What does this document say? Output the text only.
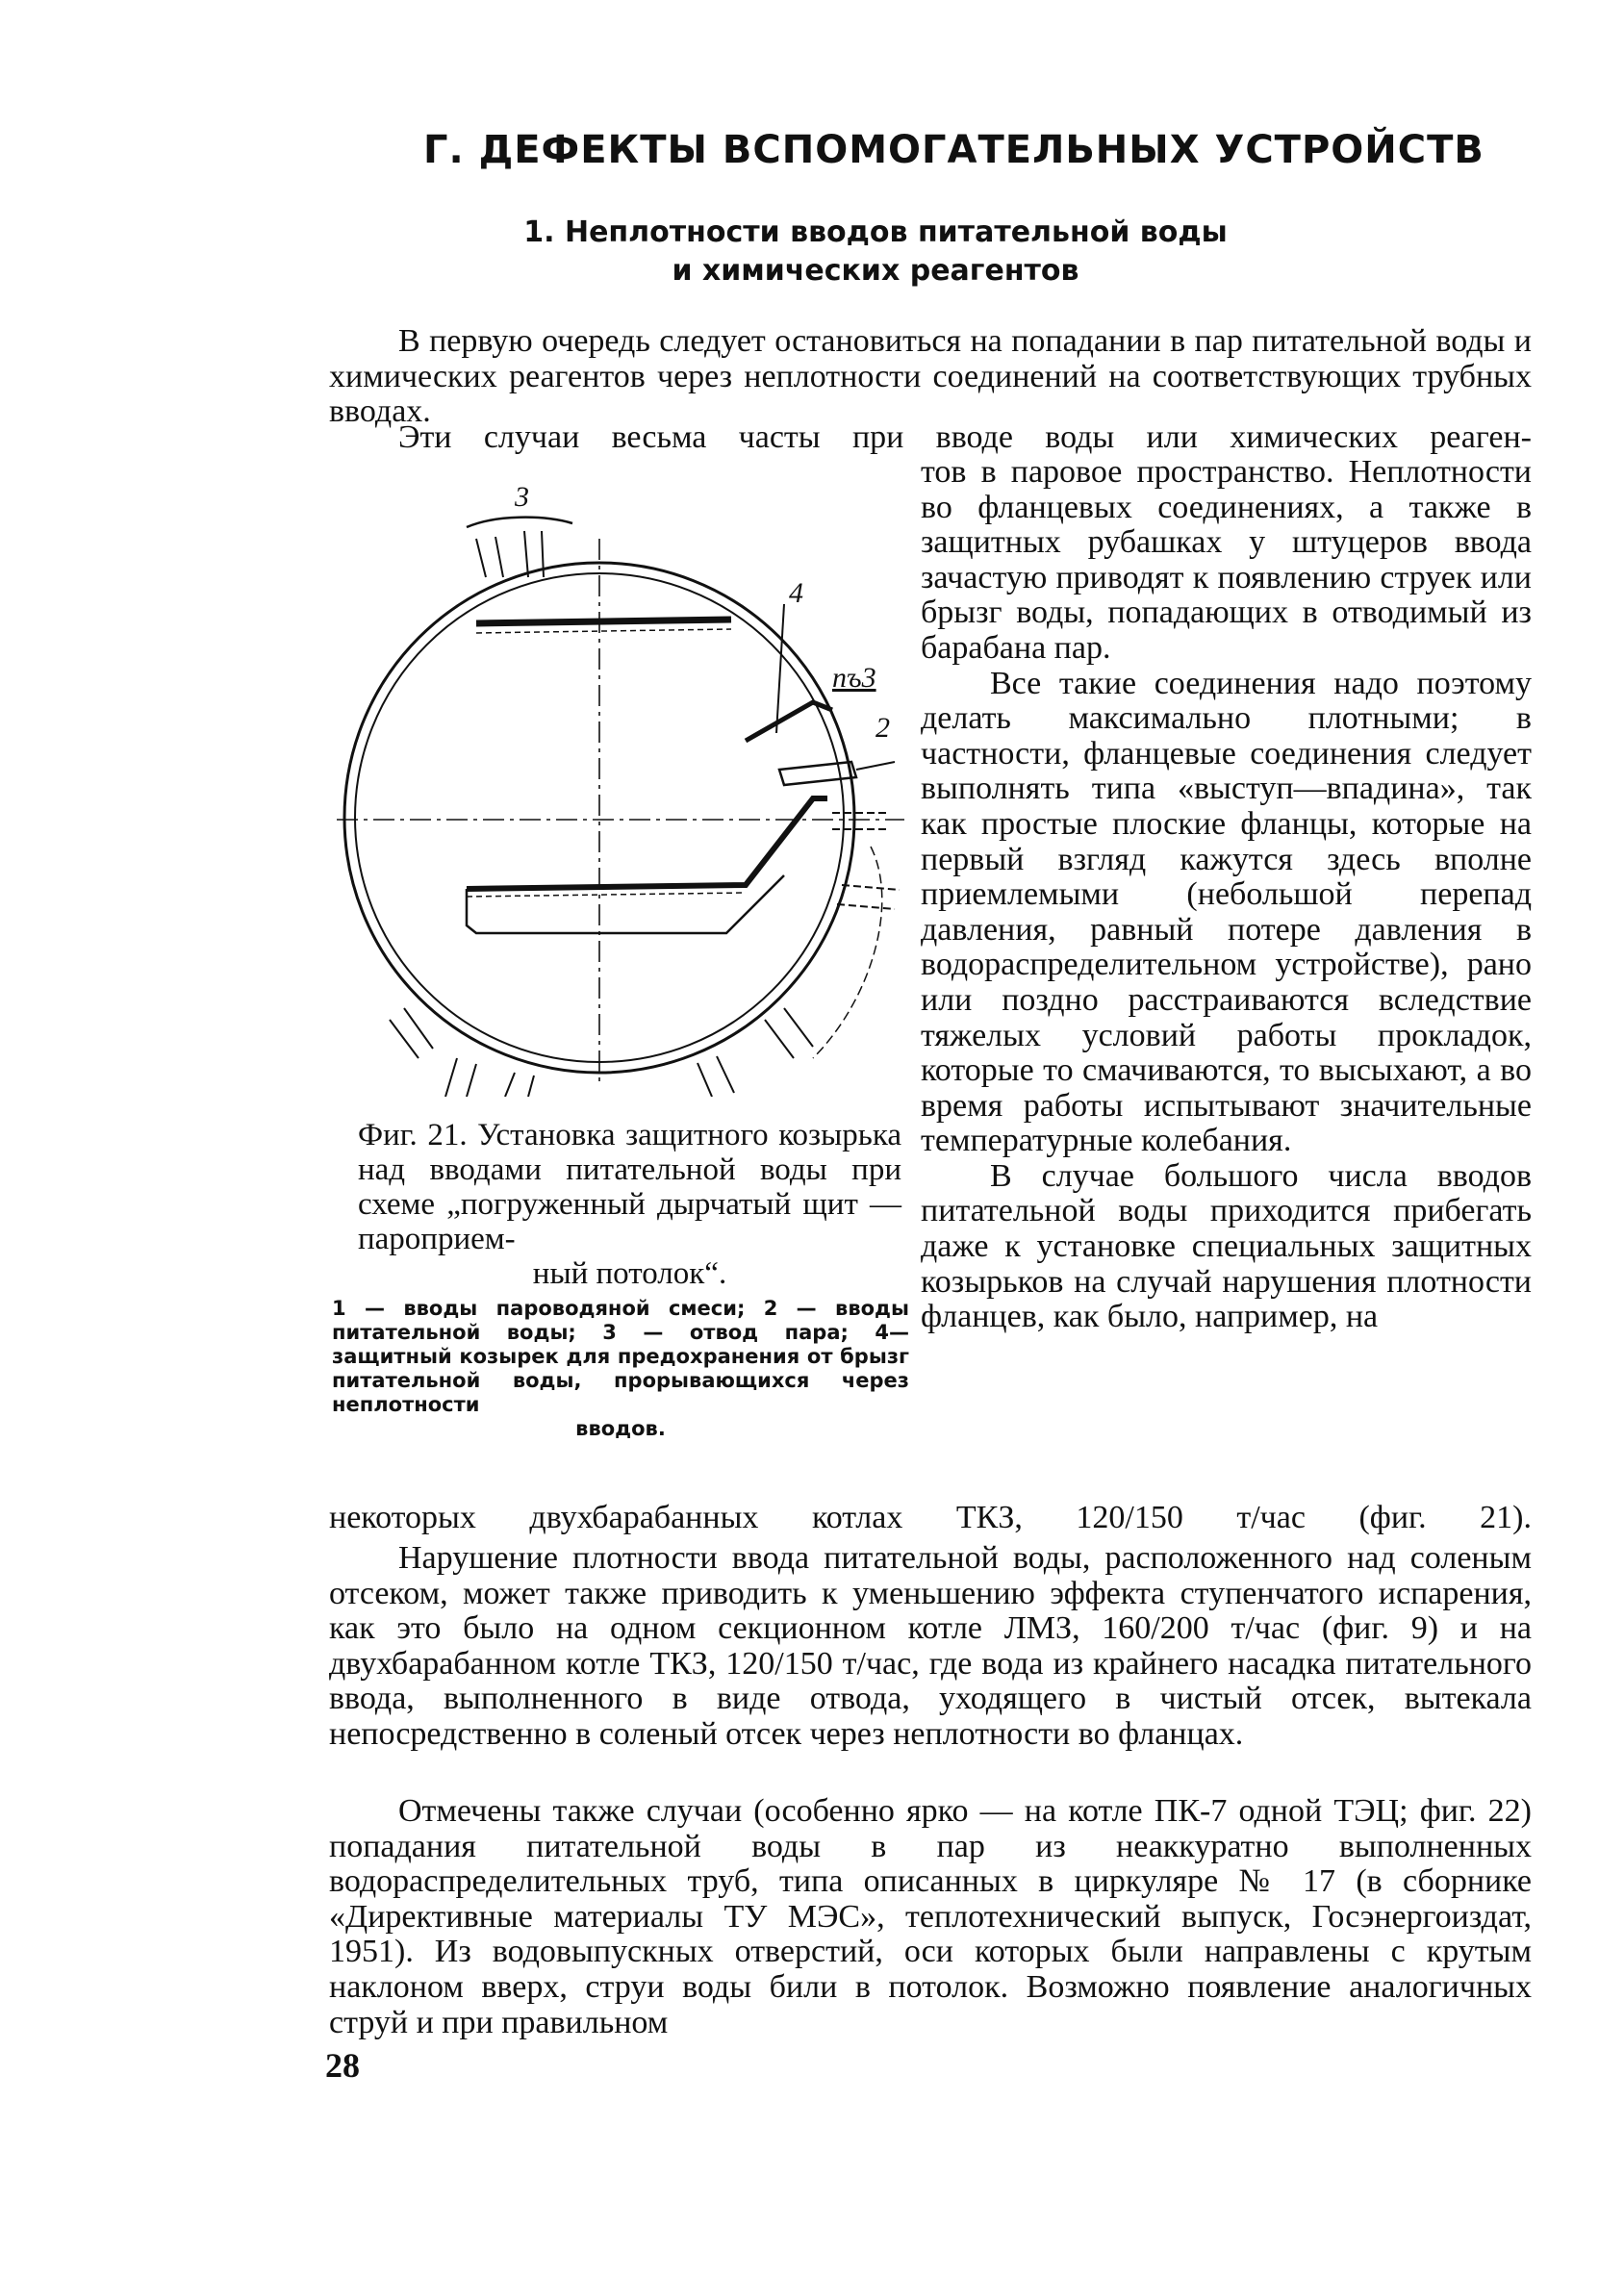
Г. ДЕФЕКТЫ ВСПОМОГАТЕЛЬНЫХ УСТРОЙСТВ
1. Неплотности вводов питательной воды
и химических реагентов

В первую очередь следует остановиться на попадании в пар питательной воды и химических реагентов через неплотности соединений на соответствующих трубных вводах.

Эти случаи весьма часты при вводе воды или химических реаген-

тов в паровое пространство. Неплотности во фланцевых соединениях, а также в защитных рубашках у штуцеров ввода зачастую приводят к появлению струек или брызг воды, попадающих в отводимый из барабана пар.

Все такие соединения надо поэтому делать максимально плотными; в частности, фланцевые соединения следует выполнять типа «выступ—впадина», так как простые плоские фланцы, которые на первый взгляд кажутся здесь вполне приемлемыми (небольшой перепад давления, равный потере давления в водораспределительном устройстве), рано или поздно расстраиваются вследствие тяжелых условий работы прокладок, которые то смачиваются, то высыхают, а во время работы испытывают значительные температурные колебания.

В случае большого числа вводов питательной воды приходится прибегать даже к установке специальных защитных козырьков на случай нарушения плотности фланцев, как было, например, на

некоторых двухбарабанных котлах ТКЗ, 120/150 т/час (фиг. 21).

Нарушение плотности ввода питательной воды, расположенного над соленым отсеком, может также приводить к уменьшению эффекта ступенчатого испарения, как это было на одном секционном котле ЛМЗ, 160/200 т/час (фиг. 9) и на двухбарабанном котле ТКЗ, 120/150 т/час, где вода из крайнего насадка питательного ввода, выполненного в виде отвода, уходящего в чистый отсек, вытекала непосредственно в соленый отсек через неплотности во фланцах.

Отмечены также случаи (особенно ярко — на котле ПК-7 одной ТЭЦ; фиг. 22) попадания питательной воды в пар из неаккуратно выполненных водораспределительных труб, типа описанных в циркуляре № 17 (в сборнике «Директивные материалы ТУ МЭС», теплотехнический выпуск, Госэнергоиздат, 1951). Из водовыпускных отверстий, оси которых были направлены с крутым наклоном вверх, струи воды били в потолок. Возможно появление аналогичных струй и при правильном

3
4
пъ3
2
Фиг. 21. Установка защитного козырька над вводами питательной воды при схеме „погруженный дырчатый щит — пароприем-
ный потолок“.
1 — вводы пароводяной смеси; 2 — вводы питательной воды; 3 — отвод пара; 4—защитный козырек для предохранения от брызг питательной воды, прорывающихся через неплотности
вводов.
28
